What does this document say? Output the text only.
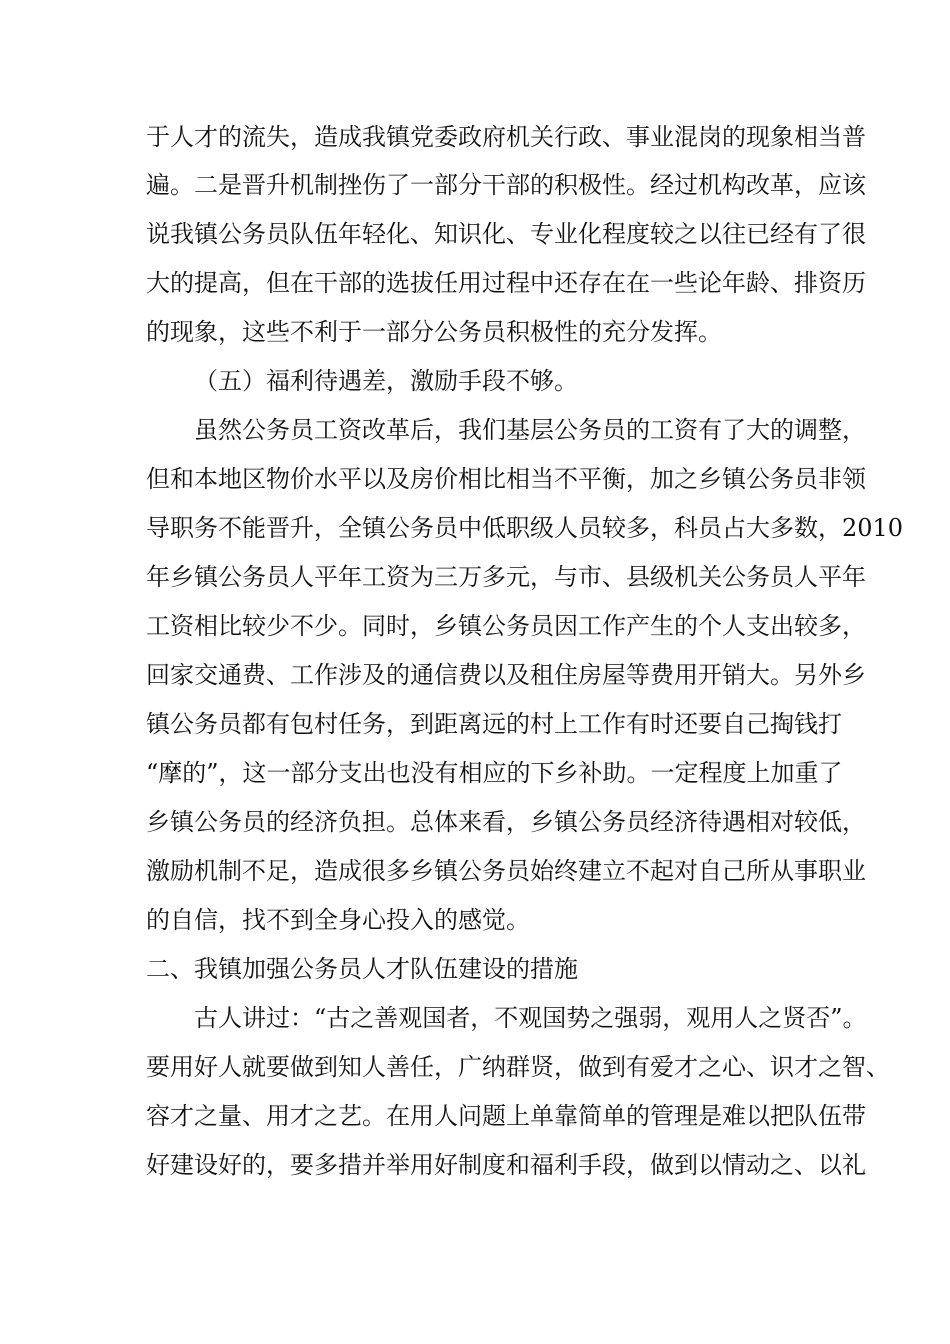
于人才的流失，造成我镇党委政府机关行政、事业混岗的现象相当普
遍。二是晋升机制挫伤了一部分干部的积极性。经过机构改革，应该
说我镇公务员队伍年轻化、知识化、专业化程度较之以往已经有了很
大的提高，但在干部的选拔任用过程中还存在在一些论年龄、排资历
的现象，这些不利于一部分公务员积极性的充分发挥。
（五）福利待遇差，激励手段不够。
虽然公务员工资改革后，我们基层公务员的工资有了大的调整，
但和本地区物价水平以及房价相比相当不平衡，加之乡镇公务员非领
导职务不能晋升，全镇公务员中低职级人员较多，科员占大多数，2010
年乡镇公务员人平年工资为三万多元，与市、县级机关公务员人平年
工资相比较少不少。同时，乡镇公务员因工作产生的个人支出较多，
回家交通费、工作涉及的通信费以及租住房屋等费用开销大。另外乡
镇公务员都有包村任务，到距离远的村上工作有时还要自己掏钱打
“摩的”，这一部分支出也没有相应的下乡补助。一定程度上加重了
乡镇公务员的经济负担。总体来看，乡镇公务员经济待遇相对较低，
激励机制不足，造成很多乡镇公务员始终建立不起对自己所从事职业
的自信，找不到全身心投入的感觉。
二、我镇加强公务员人才队伍建设的措施
古人讲过：“古之善观国者，不观国势之强弱，观用人之贤否”。
要用好人就要做到知人善任，广纳群贤，做到有爱才之心、识才之智、
容才之量、用才之艺。在用人问题上单靠简单的管理是难以把队伍带
好建设好的，要多措并举用好制度和福利手段，做到以情动之、以礼
